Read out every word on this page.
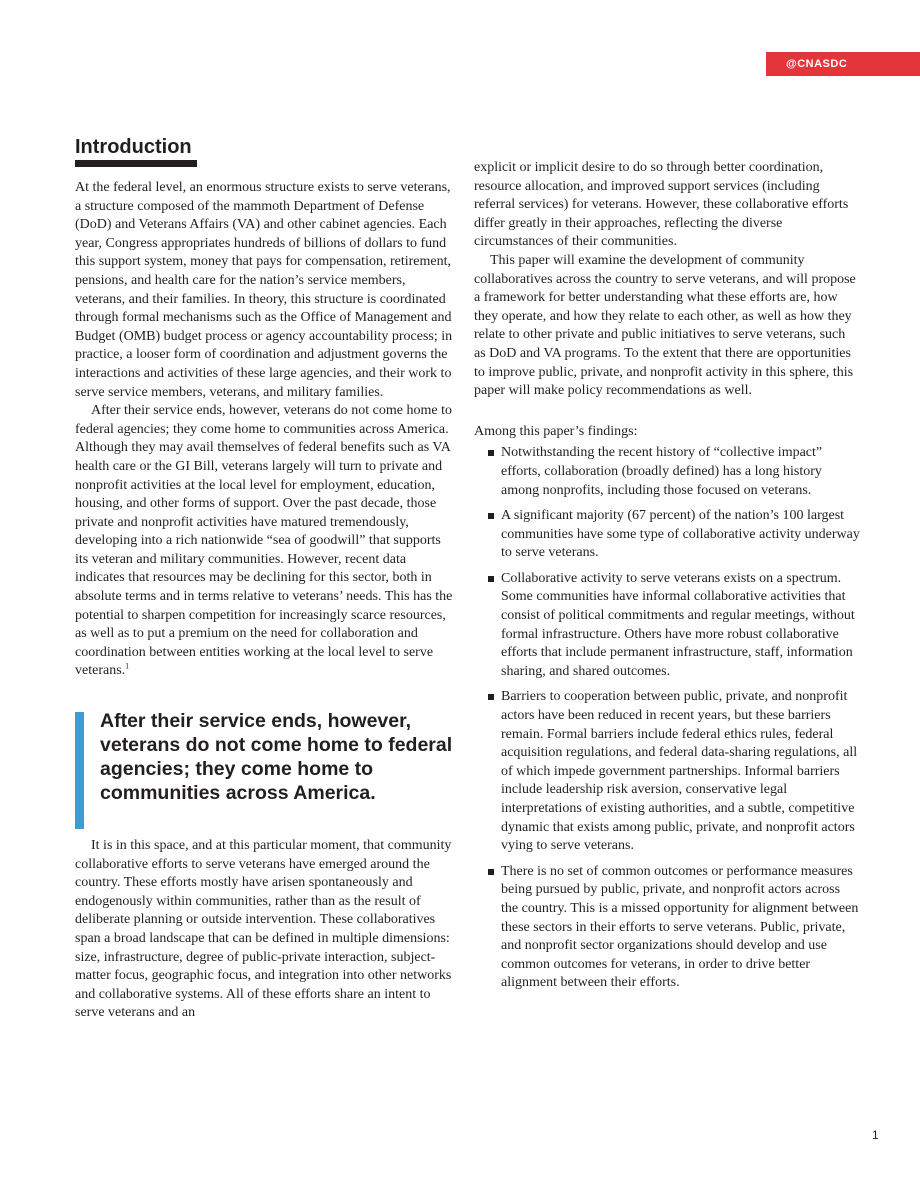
@CNASDC
Introduction

At the federal level, an enormous structure exists to serve veterans, a structure composed of the mammoth Department of Defense (DoD) and Veterans Affairs (VA) and other cabinet agencies. Each year, Congress appropriates hundreds of billions of dollars to fund this support system, money that pays for compensation, retirement, pensions, and health care for the nation’s service members, veterans, and their families. In theory, this structure is coordinated through formal mechanisms such as the Office of Management and Budget (OMB) budget process or agency accountability process; in practice, a looser form of coordination and adjustment governs the interactions and activities of these large agencies, and their work to serve service members, veterans, and military families.

After their service ends, however, veterans do not come home to federal agencies; they come home to communities across America. Although they may avail themselves of federal benefits such as VA health care or the GI Bill, veterans largely will turn to private and nonprofit activities at the local level for employment, education, housing, and other forms of support. Over the past decade, those private and nonprofit activities have matured tremendously, developing into a rich nationwide “sea of goodwill” that supports its veteran and military communities. However, recent data indicates that resources may be declining for this sector, both in absolute terms and in terms relative to veterans’ needs. This has the potential to sharpen competition for increasingly scarce resources, as well as to put a premium on the need for collaboration and coordination between entities working at the local level to serve veterans.$^1$

After their service ends, however, veterans do not come home to federal agencies; they come home to communities across America.

It is in this space, and at this particular moment, that community collaborative efforts to serve veterans have emerged around the country. These efforts mostly have arisen spontaneously and endogenously within communities, rather than as the result of deliberate planning or outside intervention. These collaboratives span a broad landscape that can be defined in multiple dimensions: size, infrastructure, degree of public-private interaction, subject-matter focus, geographic focus, and integration into other networks and collaborative systems. All of these efforts share an intent to serve veterans and an

explicit or implicit desire to do so through better coordination, resource allocation, and improved support services (including referral services) for veterans. However, these collaborative efforts differ greatly in their approaches, reflecting the diverse circumstances of their communities.

This paper will examine the development of community collaboratives across the country to serve veterans, and will propose a framework for better understanding what these efforts are, how they operate, and how they relate to each other, as well as how they relate to other private and public initiatives to serve veterans, such as DoD and VA programs. To the extent that there are opportunities to improve public, private, and nonprofit activity in this sphere, this paper will make policy recommendations as well.

Among this paper’s findings:

Notwithstanding the recent history of “collective impact” efforts, collaboration (broadly defined) has a long history among nonprofits, including those focused on veterans.
A significant majority (67 percent) of the nation’s 100 largest communities have some type of collaborative activity underway to serve veterans.
Collaborative activity to serve veterans exists on a spectrum. Some communities have informal collaborative activities that consist of political commitments and regular meetings, without formal infrastructure. Others have more robust collaborative efforts that include permanent infrastructure, staff, information sharing, and shared outcomes.
Barriers to cooperation between public, private, and nonprofit actors have been reduced in recent years, but these barriers remain. Formal barriers include federal ethics rules, federal acquisition regulations, and federal data-sharing regulations, all of which impede government partnerships. Informal barriers include leadership risk aversion, conservative legal interpretations of existing authorities, and a subtle, competitive dynamic that exists among public, private, and nonprofit actors vying to serve veterans.
There is no set of common outcomes or performance measures being pursued by public, private, and nonprofit actors across the country. This is a missed opportunity for alignment between these sectors in their efforts to serve veterans. Public, private, and nonprofit sector organizations should develop and use common outcomes for veterans, in order to drive better alignment between their efforts.
1
